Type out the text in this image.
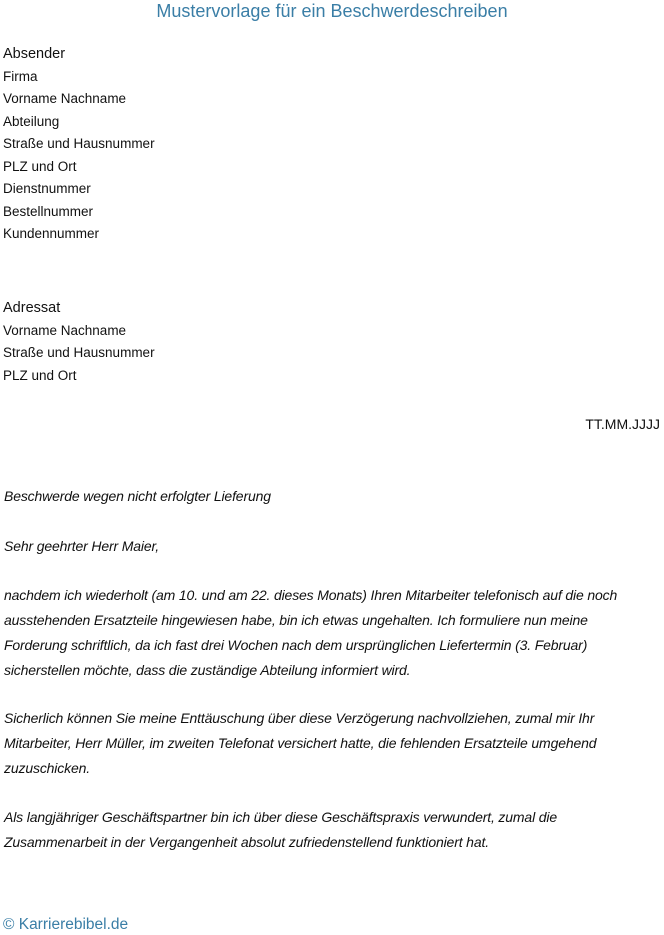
Mustervorlage für ein Beschwerdeschreiben
Absender
Firma
Vorname Nachname
Abteilung
Straße und Hausnummer
PLZ und Ort
Dienstnummer
Bestellnummer
Kundennummer
Adressat
Vorname Nachname
Straße und Hausnummer
PLZ und Ort
TT.MM.JJJJ
Beschwerde wegen nicht erfolgter Lieferung
Sehr geehrter Herr Maier,
nachdem ich wiederholt (am 10. und am 22. dieses Monats) Ihren Mitarbeiter telefonisch auf die noch
ausstehenden Ersatzteile hingewiesen habe, bin ich etwas ungehalten. Ich formuliere nun meine
Forderung schriftlich, da ich fast drei Wochen nach dem ursprünglichen Liefertermin (3. Februar)
sicherstellen möchte, dass die zuständige Abteilung informiert wird.
Sicherlich können Sie meine Enttäuschung über diese Verzögerung nachvollziehen, zumal mir Ihr
Mitarbeiter, Herr Müller, im zweiten Telefonat versichert hatte, die fehlenden Ersatzteile umgehend
zuzuschicken.
Als langjähriger Geschäftspartner bin ich über diese Geschäftspraxis verwundert, zumal die
Zusammenarbeit in der Vergangenheit absolut zufriedenstellend funktioniert hat.
© Karrierebibel.de
